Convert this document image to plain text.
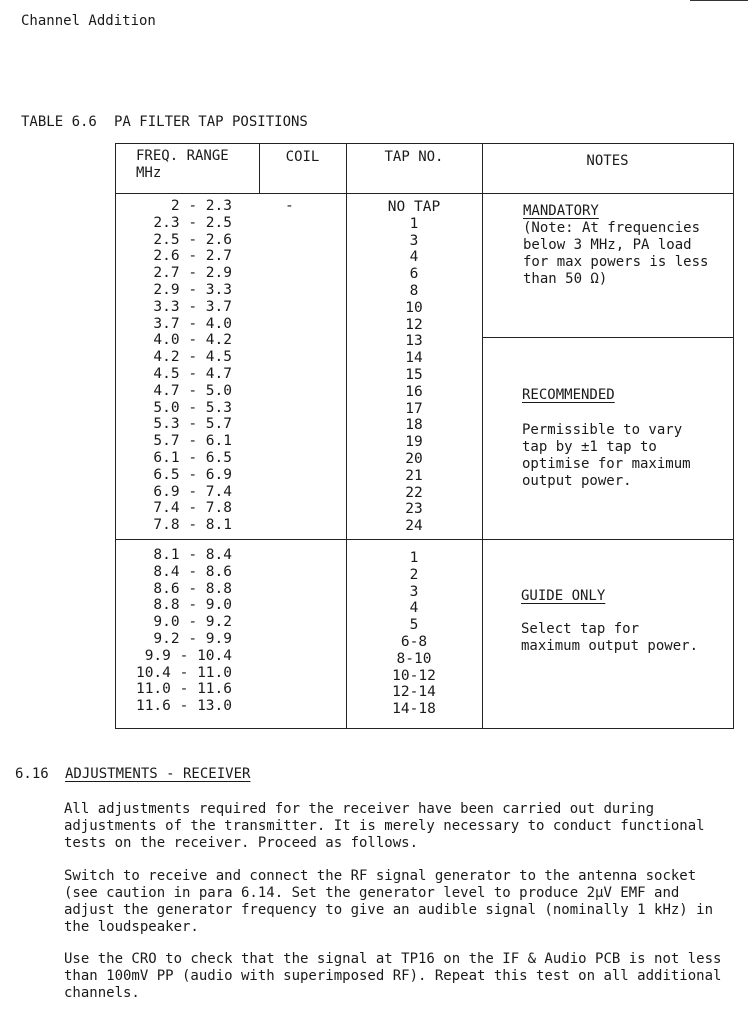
Channel Addition
TABLE 6.6 PA FILTER TAP POSITIONS
FREQ. RANGE
MHz
COIL	TAP NO.	NOTES
-
2 - 2.3
2.3 - 2.5
2.5 - 2.6
2.6 - 2.7
2.7 - 2.9
2.9 - 3.3
3.3 - 3.7
3.7 - 4.0
4.0 - 4.2
4.2 - 4.5
4.5 - 4.7
4.7 - 5.0
5.0 - 5.3
5.3 - 5.7
5.7 - 6.1
6.1 - 6.5
6.5 - 6.9
6.9 - 7.4
7.4 - 7.8
7.8 - 8.1
NO TAP
1
3
4
6
8
10
12
13
14
15
16
17
18
19
20
21
22
23
24
8.1 - 8.4
8.4 - 8.6
8.6 - 8.8
8.8 - 9.0
9.0 - 9.2
9.2 - 9.9
9.9 - 10.4
10.4 - 11.0
11.0 - 11.6
11.6 - 13.0
1
2
3
4
5
6-8
8-10
10-12
12-14
14-18
MANDATORY
(Note: At frequencies
below 3 MHz, PA load
for max powers is less
than 50 Ω)
RECOMMENDED
Permissible to vary
tap by ±1 tap to
optimise for maximum
output power.
GUIDE ONLY
Select tap for
maximum output power.
6.16 ADJUSTMENTS - RECEIVER
All adjustments required for the receiver have been carried out during
adjustments of the transmitter. It is merely necessary to conduct functional
tests on the receiver. Proceed as follows.
Switch to receive and connect the RF signal generator to the antenna socket
(see caution in para 6.14. Set the generator level to produce 2µV EMF and
adjust the generator frequency to give an audible signal (nominally 1 kHz) in
the loudspeaker.
Use the CRO to check that the signal at TP16 on the IF & Audio PCB is not less
than 100mV PP (audio with superimposed RF). Repeat this test on all additional
channels.
